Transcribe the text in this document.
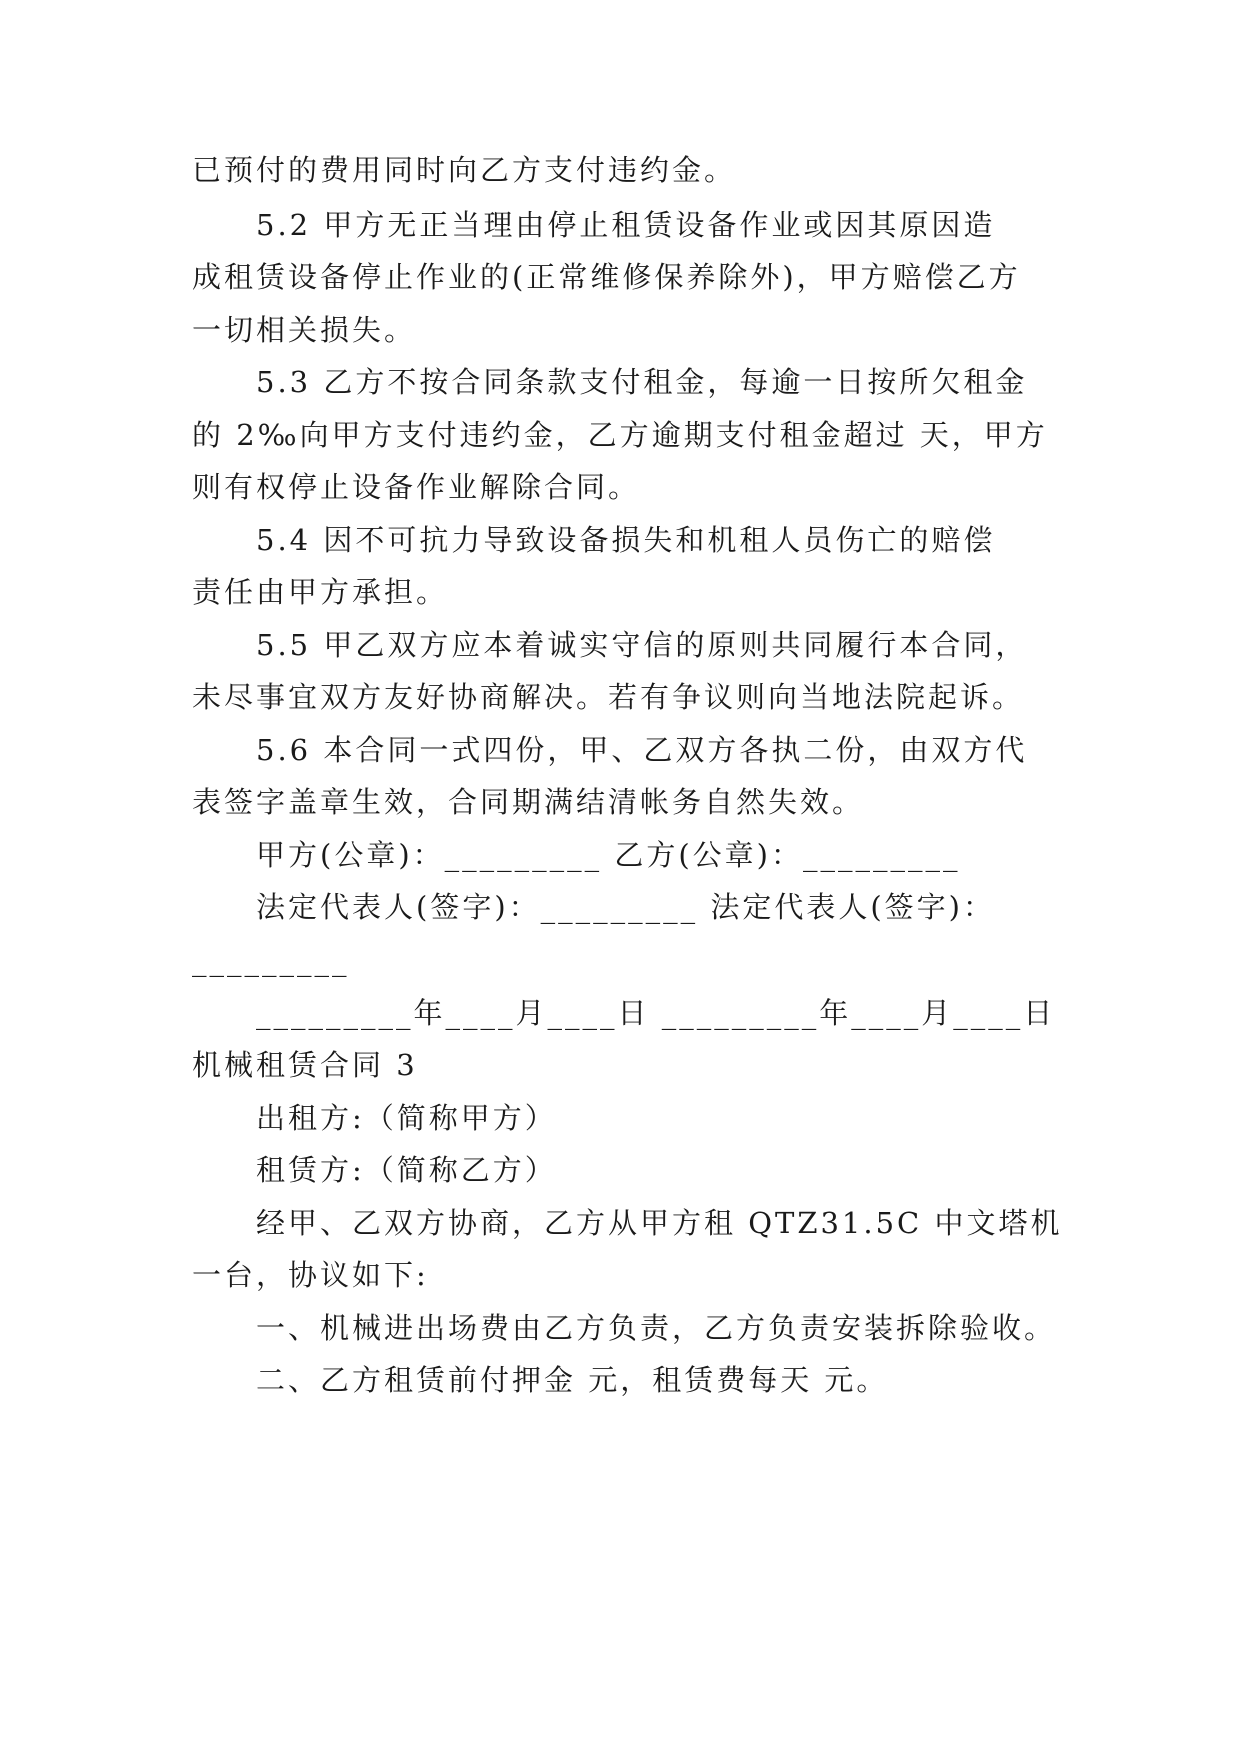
已预付的费用同时向乙方支付违约金。
5.2 甲方无正当理由停止租赁设备作业或因其原因造
成租赁设备停止作业的(正常维修保养除外)，甲方赔偿乙方
一切相关损失。
5.3 乙方不按合同条款支付租金，每逾一日按所欠租金
的 2‰向甲方支付违约金，乙方逾期支付租金超过 天，甲方
则有权停止设备作业解除合同。
5.4 因不可抗力导致设备损失和机租人员伤亡的赔偿
责任由甲方承担。
5.5 甲乙双方应本着诚实守信的原则共同履行本合同，
未尽事宜双方友好协商解决。若有争议则向当地法院起诉。
5.6 本合同一式四份，甲、乙双方各执二份，由双方代
表签字盖章生效，合同期满结清帐务自然失效。
甲方(公章)：_________ 乙方(公章)：_________
法定代表人(签字)：_________ 法定代表人(签字)：
_________
_________年____月____日 _________年____月____日
机械租赁合同 3
出租方:（简称甲方）
租赁方:（简称乙方）
经甲、乙双方协商，乙方从甲方租 QTZ31.5C 中文塔机
一台，协议如下:
一、机械进出场费由乙方负责，乙方负责安装拆除验收。
二、乙方租赁前付押金 元，租赁费每天 元。
